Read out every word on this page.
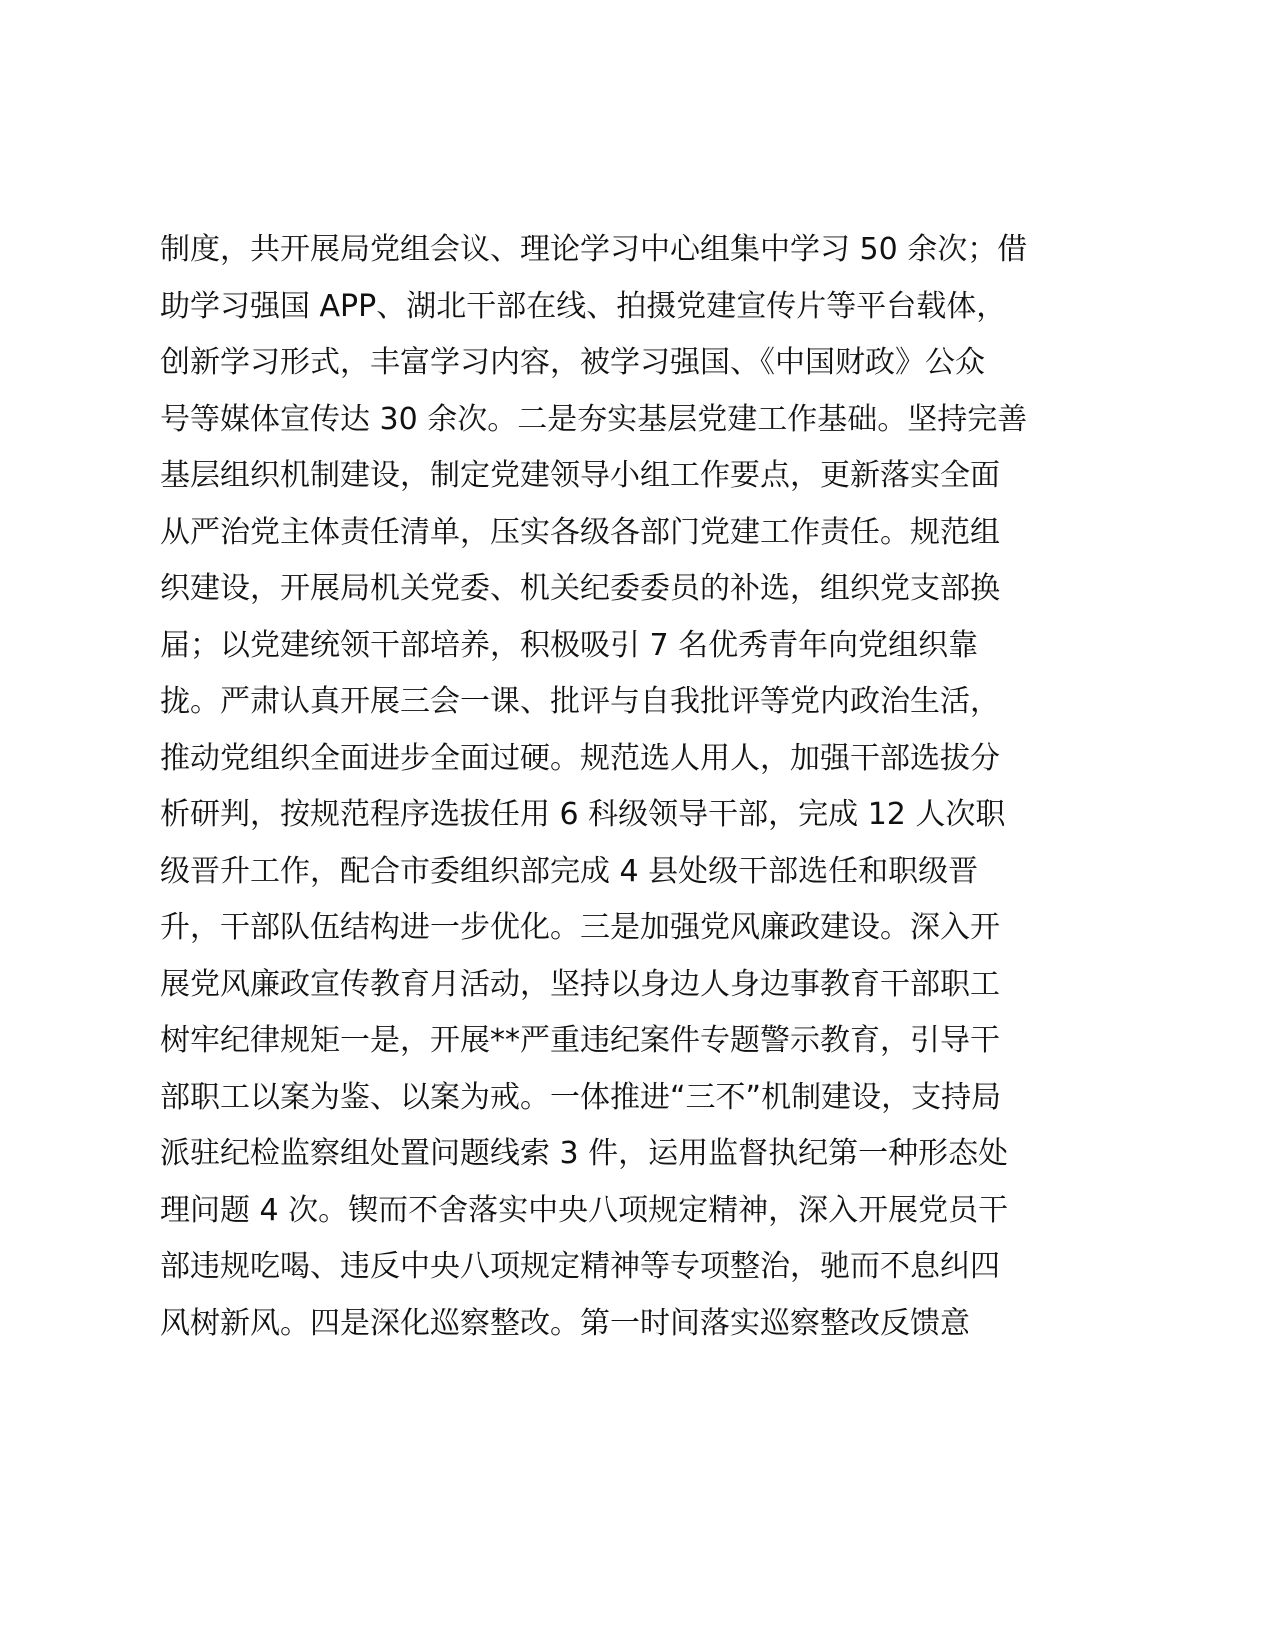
制度，共开展局党组会议、理论学习中心组集中学习 50 余次；借
助学习强国 APP、湖北干部在线、拍摄党建宣传片等平台载体，
创新学习形式，丰富学习内容，被学习强国、《中国财政》公众
号等媒体宣传达 30 余次。二是夯实基层党建工作基础。坚持完善
基层组织机制建设，制定党建领导小组工作要点，更新落实全面
从严治党主体责任清单，压实各级各部门党建工作责任。规范组
织建设，开展局机关党委、机关纪委委员的补选，组织党支部换
届；以党建统领干部培养，积极吸引 7 名优秀青年向党组织靠
拢。严肃认真开展三会一课、批评与自我批评等党内政治生活，
推动党组织全面进步全面过硬。规范选人用人，加强干部选拔分
析研判，按规范程序选拔任用 6 科级领导干部，完成 12 人次职
级晋升工作，配合市委组织部完成 4 县处级干部选任和职级晋
升，干部队伍结构进一步优化。三是加强党风廉政建设。深入开
展党风廉政宣传教育月活动，坚持以身边人身边事教育干部职工
树牢纪律规矩一是，开展**严重违纪案件专题警示教育，引导干
部职工以案为鉴、以案为戒。一体推进“三不”机制建设，支持局
派驻纪检监察组处置问题线索 3 件，运用监督执纪第一种形态处
理问题 4 次。锲而不舍落实中央八项规定精神，深入开展党员干
部违规吃喝、违反中央八项规定精神等专项整治，驰而不息纠四
风树新风。四是深化巡察整改。第一时间落实巡察整改反馈意
